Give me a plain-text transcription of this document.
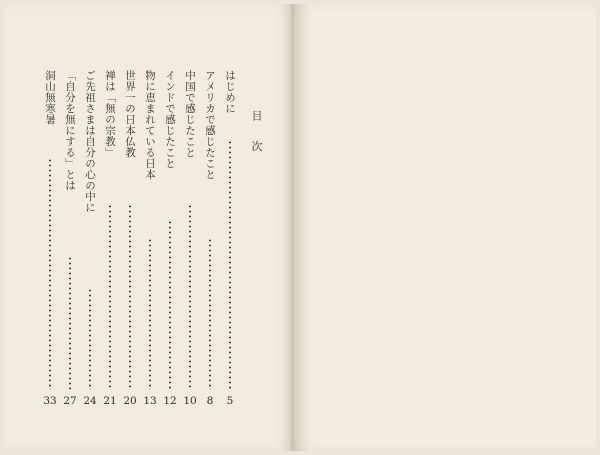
目 次
はじめに
5
アメリカで感じたこと
8
中国で感じたこと
10
インドで感じたこと
12
物に恵まれている日本
13
世界一の日本仏教
20
禅は「無の宗教」
21
ご先祖さまは自分の心の中に
24
「自分を無にする」とは
27
洞山無寒暑
33
